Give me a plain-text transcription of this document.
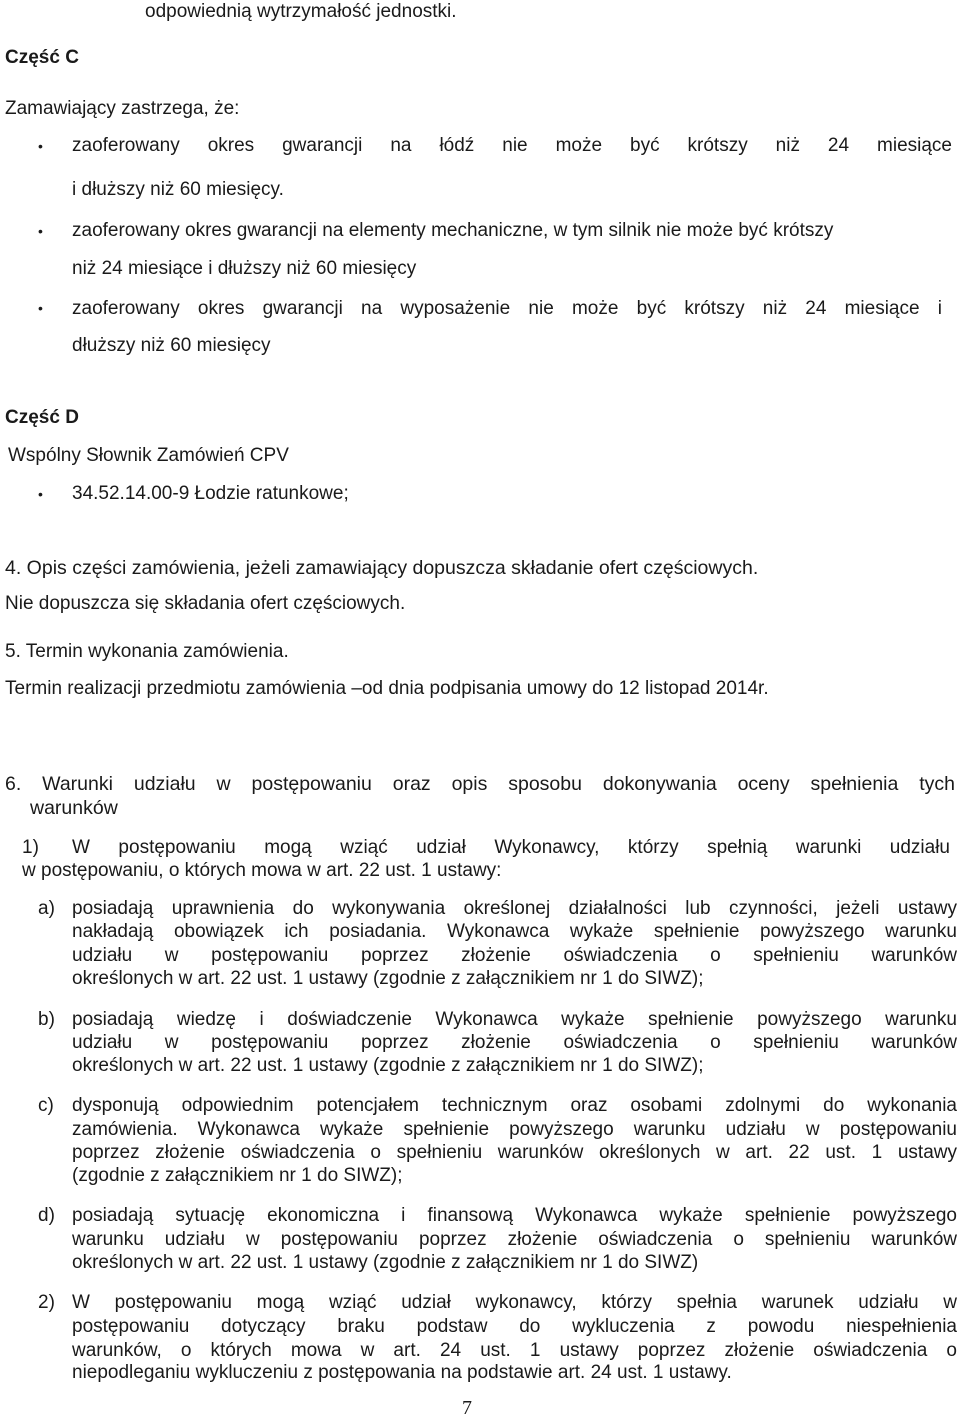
odpowiednią wytrzymałość jednostki.
Część C
Zamawiający zastrzega, że:
• zaoferowany okres gwarancji na łódź nie może być krótszy niż 24 miesiące
i dłuższy niż 60 miesięcy.
• zaoferowany okres gwarancji na elementy mechaniczne, w tym silnik nie może być krótszy
niż 24 miesiące i dłuższy niż 60 miesięcy
• zaoferowany okres gwarancji na wyposażenie nie może być krótszy niż 24 miesiące i
dłuższy niż 60 miesięcy
Część D
Wspólny Słownik Zamówień CPV
• 34.52.14.00-9 Łodzie ratunkowe;
4. Opis części zamówienia, jeżeli zamawiający dopuszcza składanie ofert częściowych.
Nie dopuszcza się składania ofert częściowych.
5. Termin wykonania zamówienia.
Termin realizacji przedmiotu zamówienia –od dnia podpisania umowy do 12 listopad 2014r.
6. Warunki udziału w postępowaniu oraz opis sposobu dokonywania oceny spełnienia tych
warunków
1) W postępowaniu mogą wziąć udział Wykonawcy, którzy spełnią warunki udziału
w postępowaniu, o których mowa w art. 22 ust. 1 ustawy:
a) posiadają uprawnienia do wykonywania określonej działalności lub czynności, jeżeli ustawy
nakładają obowiązek ich posiadania. Wykonawca wykaże spełnienie powyższego warunku
udziału w postępowaniu poprzez złożenie oświadczenia o spełnieniu warunków
określonych w art. 22 ust. 1 ustawy (zgodnie z załącznikiem nr 1 do SIWZ);
b) posiadają wiedzę i doświadczenie Wykonawca wykaże spełnienie powyższego warunku
udziału w postępowaniu poprzez złożenie oświadczenia o spełnieniu warunków
określonych w art. 22 ust. 1 ustawy (zgodnie z załącznikiem nr 1 do SIWZ);
c) dysponują odpowiednim potencjałem technicznym oraz osobami zdolnymi do wykonania
zamówienia. Wykonawca wykaże spełnienie powyższego warunku udziału w postępowaniu
poprzez złożenie oświadczenia o spełnieniu warunków określonych w art. 22 ust. 1 ustawy
(zgodnie z załącznikiem nr 1 do SIWZ);
d) posiadają sytuację ekonomiczna i finansową Wykonawca wykaże spełnienie powyższego
warunku udziału w postępowaniu poprzez złożenie oświadczenia o spełnieniu warunków
określonych w art. 22 ust. 1 ustawy (zgodnie z załącznikiem nr 1 do SIWZ)
2) W postępowaniu mogą wziąć udział wykonawcy, którzy spełnia warunek udziału w
postępowaniu dotyczący braku podstaw do wykluczenia z powodu niespełnienia
warunków, o których mowa w art. 24 ust. 1 ustawy poprzez złożenie oświadczenia o
niepodleganiu wykluczeniu z postępowania na podstawie art. 24 ust. 1 ustawy.
7
